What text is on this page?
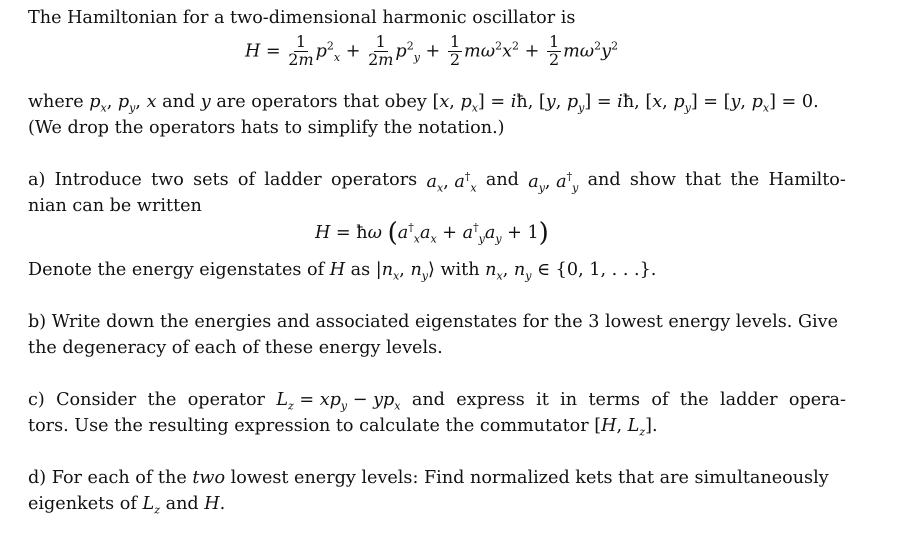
The Hamiltonian for a two-dimensional harmonic oscillator is
$H = \frac{1}{2m} p^2_x + \frac{1}{2m} p^2_y + \frac{1}{2} m\omega^2x^2 + \frac{1}{2} m\omega^2y^2$
where $p_x$, $p_y$, x and y are operators that obey [x, $p_x$] = iħ, [y, $p_y$] = iħ, [x, $p_y] = [y$, $p_x] = 0$.
(We drop the operators hats to simplify the notation.)
a) Introduce two sets of ladder operators $a_x$, $a^\dagger_x$ and $a_y$, $a^\dagger_y$ and show that the Hamilto-
nian can be written
H = ħω $(a^\dagger_xa_x + a^\dagger_ya_y + 1)$
Denote the energy eigenstates of H as $|n_x$, $n_y⟩$ with $n_x$, $n_y$ ∈ {0, 1, . . .}.
b) Write down the energies and associated eigenstates for the 3 lowest energy levels. Give
the degeneracy of each of these energy levels.
c) Consider the operator $L_z = xp_y - yp_x$ and express it in terms of the ladder opera-
tors. Use the resulting expression to calculate the commutator [H, $L_z$].
d) For each of the two lowest energy levels: Find normalized kets that are simultaneously
eigenkets of $L_z$ and H.
